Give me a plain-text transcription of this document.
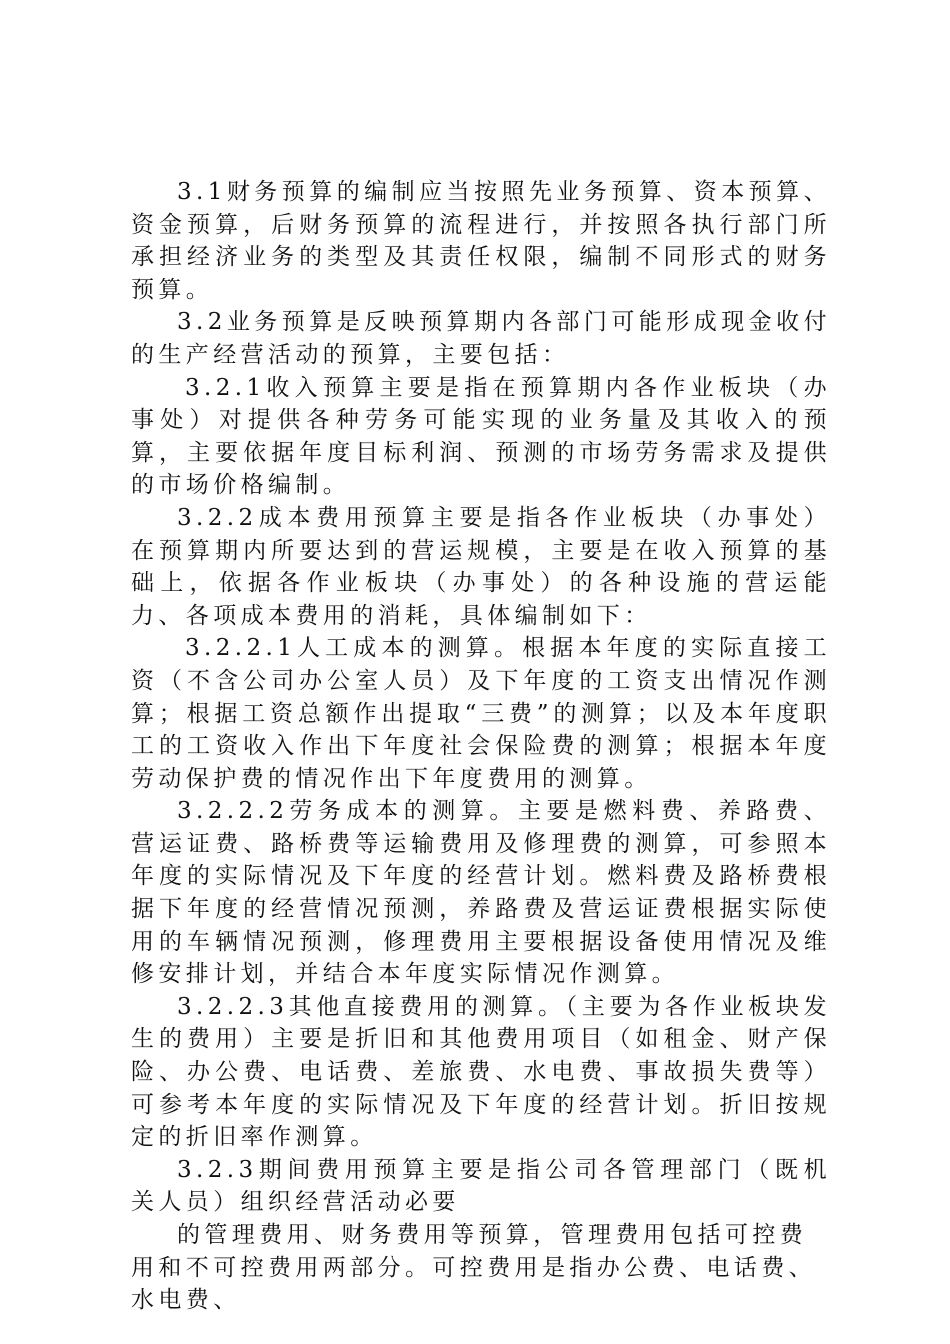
3.1财务预算的编制应当按照先业务预算、资本预算、资金预算，后财务预算的流程进行，并按照各执行部门所承担经济业务的类型及其责任权限，编制不同形式的财务预算。

3.2业务预算是反映预算期内各部门可能形成现金收付的生产经营活动的预算，主要包括：

3.2.1收入预算主要是指在预算期内各作业板块（办事处）对提供各种劳务可能实现的业务量及其收入的预算，主要依据年度目标利润、预测的市场劳务需求及提供的市场价格编制。

3.2.2成本费用预算主要是指各作业板块（办事处）在预算期内所要达到的营运规模，主要是在收入预算的基础上，依据各作业板块（办事处）的各种设施的营运能力、各项成本费用的消耗，具体编制如下：

3.2.2.1人工成本的测算。根据本年度的实际直接工资（不含公司办公室人员）及下年度的工资支出情况作测算；根据工资总额作出提取“三费”的测算；以及本年度职工的工资收入作出下年度社会保险费的测算；根据本年度劳动保护费的情况作出下年度费用的测算。

3.2.2.2劳务成本的测算。主要是燃料费、养路费、营运证费、路桥费等运输费用及修理费的测算，可参照本年度的实际情况及下年度的经营计划。燃料费及路桥费根据下年度的经营情况预测，养路费及营运证费根据实际使用的车辆情况预测，修理费用主要根据设备使用情况及维修安排计划，并结合本年度实际情况作测算。

3.2.2.3其他直接费用的测算。（主要为各作业板块发生的费用）主要是折旧和其他费用项目（如租金、财产保险、办公费、电话费、差旅费、水电费、事故损失费等）可参考本年度的实际情况及下年度的经营计划。折旧按规定的折旧率作测算。

3.2.3期间费用预算主要是指公司各管理部门（既机关人员）组织经营活动必要

的管理费用、财务费用等预算，管理费用包括可控费用和不可控费用两部分。可控费用是指办公费、电话费、水电费、
